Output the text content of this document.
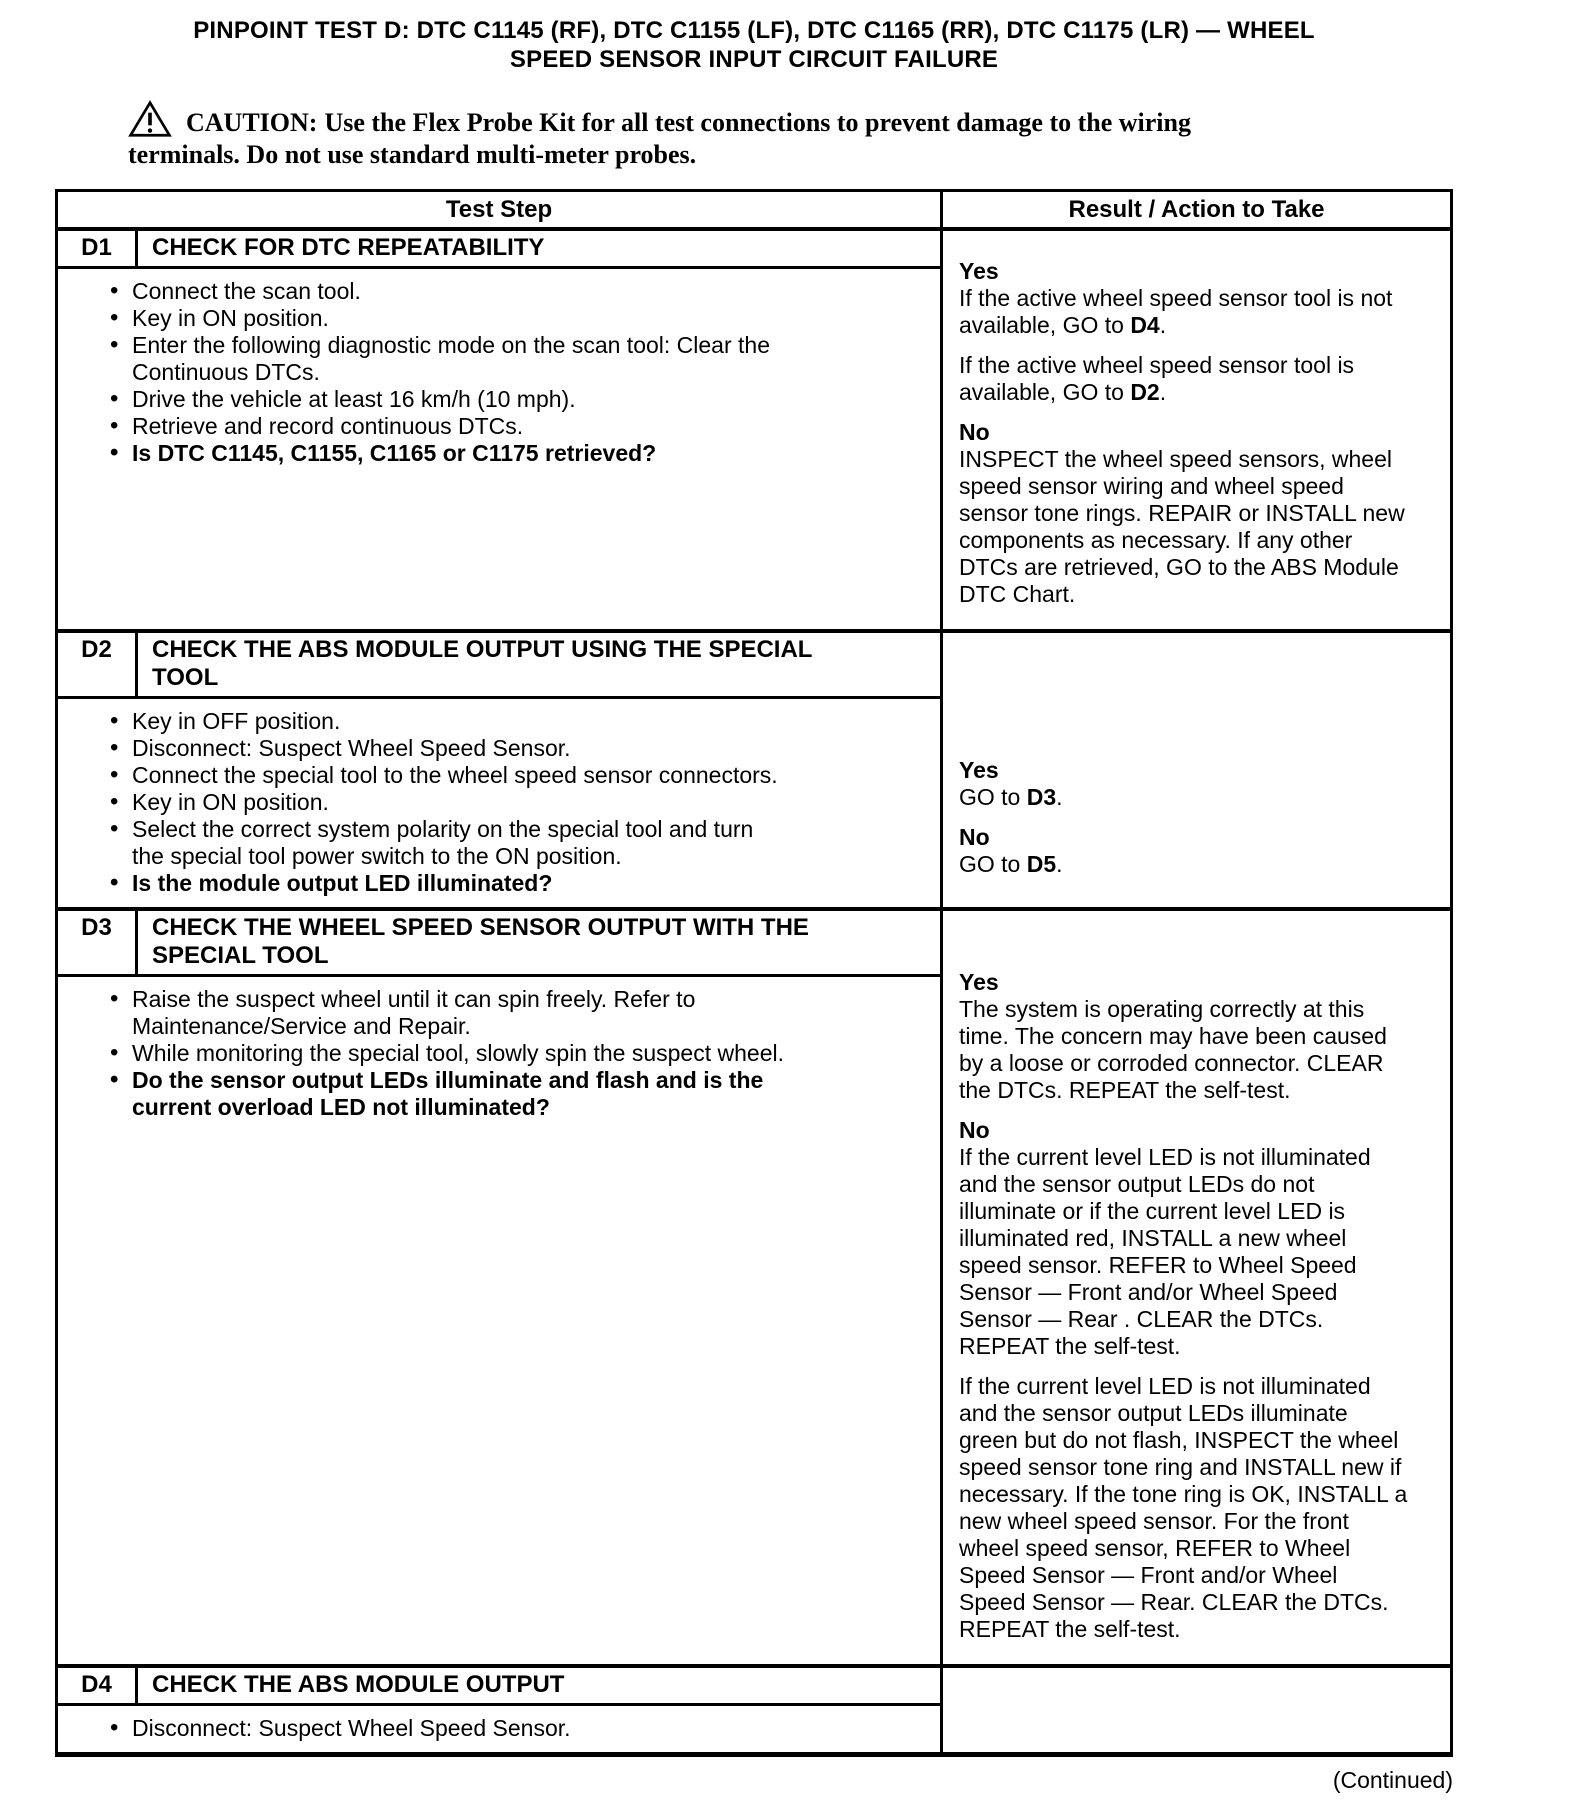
PINPOINT TEST D: DTC C1145 (RF), DTC C1155 (LF), DTC C1165 (RR), DTC C1175 (LR) — WHEEL
SPEED SENSOR INPUT CIRCUIT FAILURE
CAUTION: Use the Flex Probe Kit for all test connections to prevent damage to the wiring terminals. Do not use standard multi-meter probes.
Test Step	Result / Action to Take
D1	CHECK FOR DTC REPEATABILITY
• Connect the scan tool.
• Key in ON position.
• Enter the following diagnostic mode on the scan tool: Clear the Continuous DTCs.
• Drive the vehicle at least 16 km/h (10 mph).
• Retrieve and record continuous DTCs.
• Is DTC C1145, C1155, C1165 or C1175 retrieved?
Yes

If the active wheel speed sensor tool is not available, GO to D4.

If the active wheel speed sensor tool is available, GO to D2.

No

INSPECT the wheel speed sensors, wheel speed sensor wiring and wheel speed sensor tone rings. REPAIR or INSTALL new components as necessary. If any other DTCs are retrieved, GO to the ABS Module DTC Chart.

D2	CHECK THE ABS MODULE OUTPUT USING THE SPECIAL TOOL
• Key in OFF position.
• Disconnect: Suspect Wheel Speed Sensor.
• Connect the special tool to the wheel speed sensor connectors.
• Key in ON position.
• Select the correct system polarity on the special tool and turn the special tool power switch to the ON position.
• Is the module output LED illuminated?
Yes

GO to D3.

No

GO to D5.

D3	CHECK THE WHEEL SPEED SENSOR OUTPUT WITH THE SPECIAL TOOL
• Raise the suspect wheel until it can spin freely. Refer to Maintenance/Service and Repair.
• While monitoring the special tool, slowly spin the suspect wheel.
• Do the sensor output LEDs illuminate and flash and is the current overload LED not illuminated?
Yes

The system is operating correctly at this time. The concern may have been caused by a loose or corroded connector. CLEAR the DTCs. REPEAT the self-test.

No

If the current level LED is not illuminated and the sensor output LEDs do not illuminate or if the current level LED is illuminated red, INSTALL a new wheel speed sensor. REFER to Wheel Speed Sensor — Front and/or Wheel Speed Sensor — Rear . CLEAR the DTCs. REPEAT the self-test.

If the current level LED is not illuminated and the sensor output LEDs illuminate green but do not flash, INSPECT the wheel speed sensor tone ring and INSTALL new if necessary. If the tone ring is OK, INSTALL a new wheel speed sensor. For the front wheel speed sensor, REFER to Wheel Speed Sensor — Front and/or Wheel Speed Sensor — Rear. CLEAR the DTCs. REPEAT the self-test.

D4	CHECK THE ABS MODULE OUTPUT
• Disconnect: Suspect Wheel Speed Sensor.
(Continued)
